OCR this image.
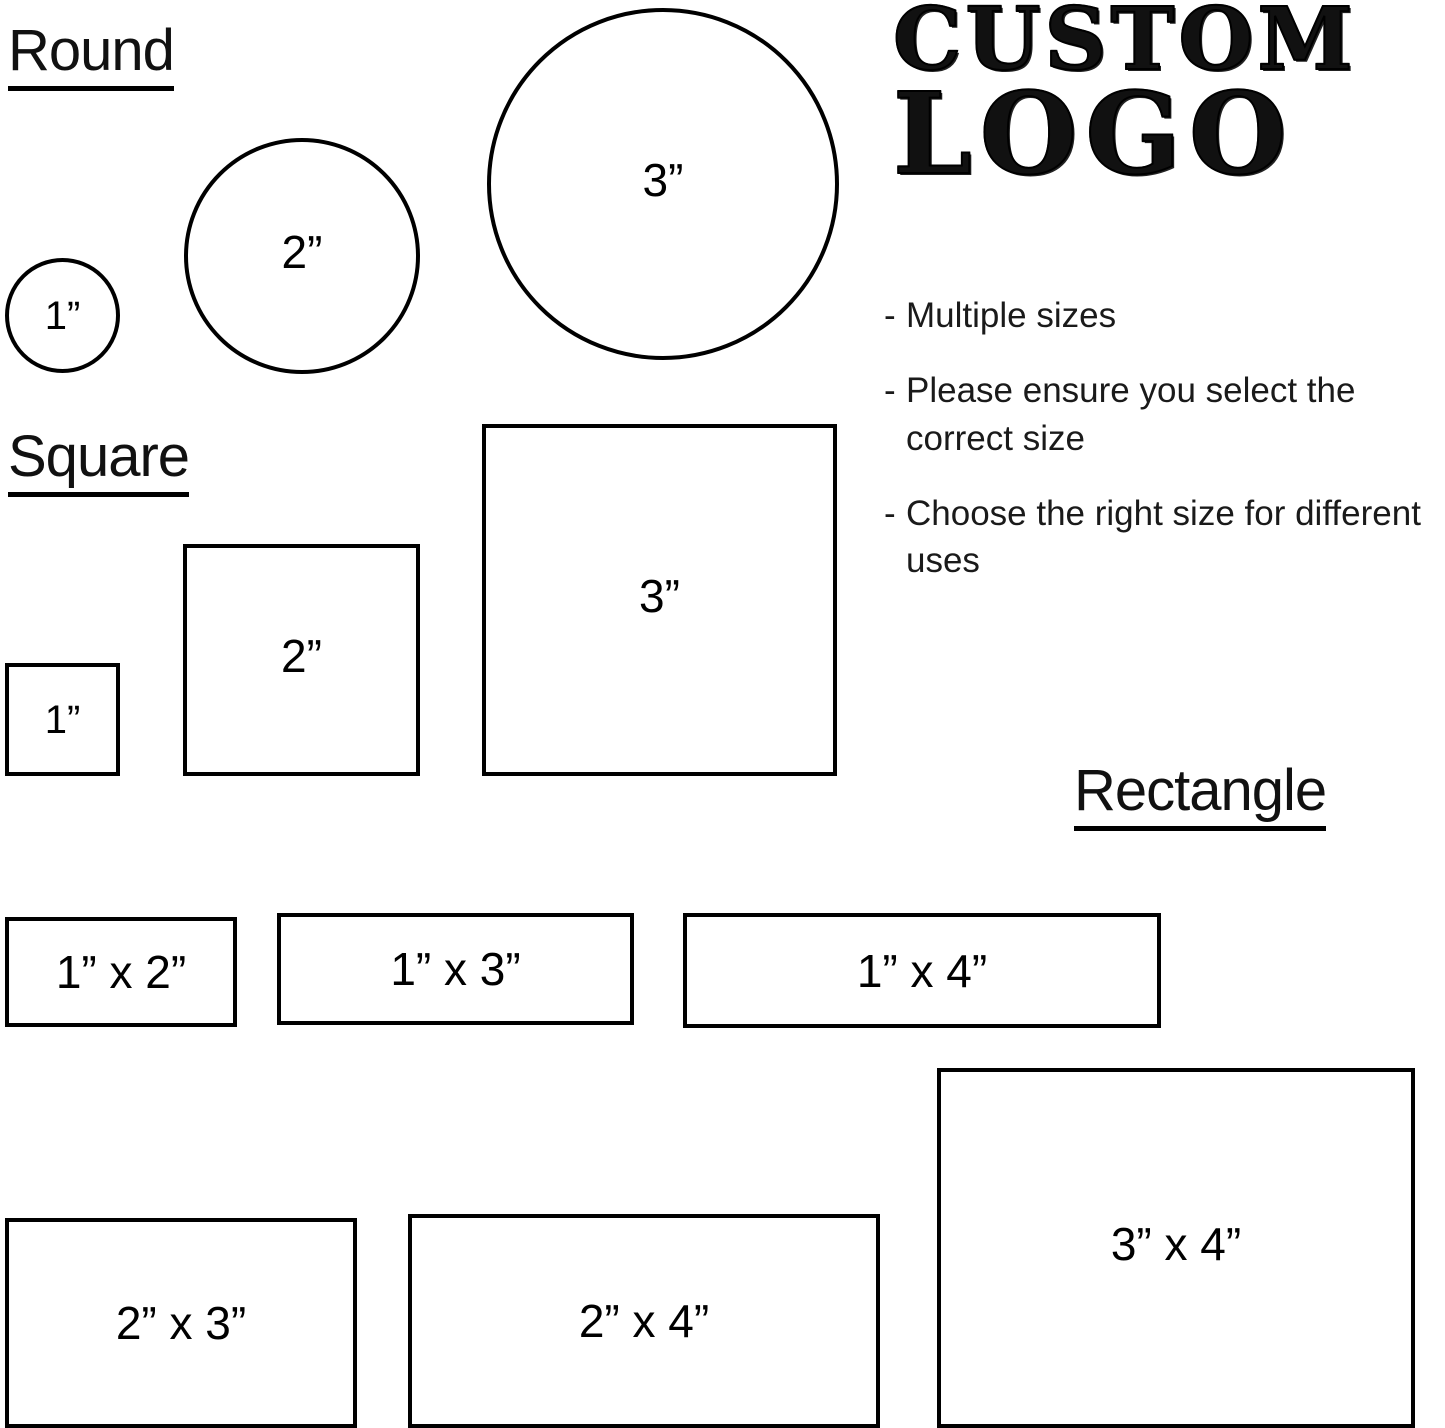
Round
1”
2”
3”
CUSTOM
LOGO
- Multiple sizes
- Please ensure you select the correct size
- Choose the right size for different uses
Square
1”
2”
3”
Rectangle
1” x 2”	1” x 3”	1” x 4”
2” x 3”	2” x 4”
3” x 4”
